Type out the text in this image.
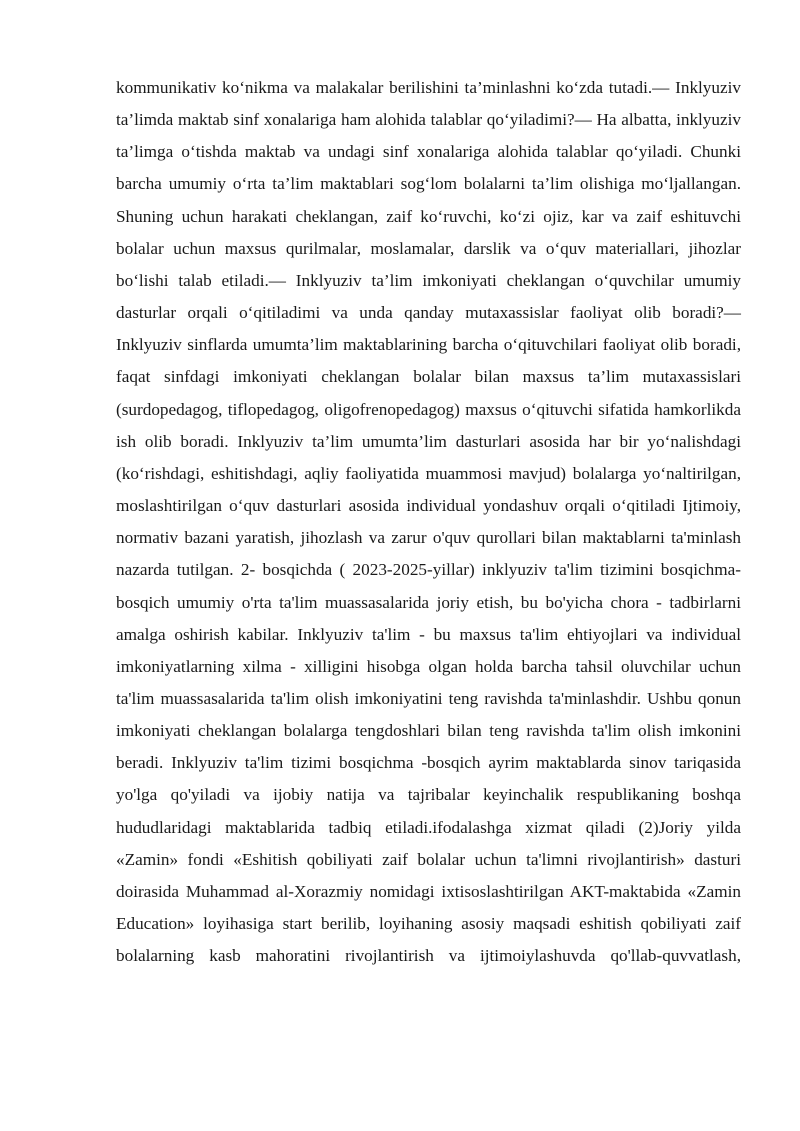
kommunikativ ko‘nikma va malakalar berilishini ta’minlashni ko‘zda tutadi.— Inklyuziv ta’limda maktab sinf xonalariga ham alohida talablar qo‘yiladimi?— Ha albatta, inklyuziv ta’limga o‘tishda maktab va undagi sinf xonalariga alohida talablar qo‘yiladi. Chunki barcha umumiy o‘rta ta’lim maktablari sog‘lom bolalarni ta’lim olishiga mo‘ljallangan. Shuning uchun harakati cheklangan, zaif ko‘ruvchi, ko‘zi ojiz, kar va zaif eshituvchi bolalar uchun maxsus qurilmalar, moslamalar, darslik va o‘quv materiallari, jihozlar bo‘lishi talab etiladi.— Inklyuziv ta’lim imkoniyati cheklangan o‘quvchilar umumiy dasturlar orqali o‘qitiladimi va unda qanday mutaxassislar faoliyat olib boradi?— Inklyuziv sinflarda umumta’lim maktablarining barcha o‘qituvchilari faoliyat olib boradi, faqat sinfdagi imkoniyati cheklangan bolalar bilan maxsus ta’lim mutaxassislari (surdopedagog, tiflopedagog, oligofrenopedagog) maxsus o‘qituvchi sifatida hamkorlikda ish olib boradi. Inklyuziv ta’lim umumta’lim dasturlari asosida har bir yo‘nalishdagi (ko‘rishdagi, eshitishdagi, aqliy faoliyatida muammosi mavjud) bolalarga yo‘naltirilgan, moslashtirilgan o‘quv dasturlari asosida individual yondashuv orqali o‘qitiladi Ijtimoiy, normativ bazani yaratish, jihozlash va zarur o'quv qurollari bilan maktablarni ta'minlash nazarda tutilgan. 2- bosqichda ( 2023-2025-yillar) inklyuziv ta'lim tizimini bosqichma-bosqich umumiy o'rta ta'lim muassasalarida joriy etish, bu bo'yicha chora - tadbirlarni amalga oshirish kabilar. Inklyuziv ta'lim - bu maxsus ta'lim ehtiyojlari va individual imkoniyatlarning xilma - xilligini hisobga olgan holda barcha tahsil oluvchilar uchun ta'lim muassasalarida ta'lim olish imkoniyatini teng ravishda ta'minlashdir. Ushbu qonun imkoniyati cheklangan bolalarga tengdoshlari bilan teng ravishda ta'lim olish imkonini beradi. Inklyuziv ta'lim tizimi bosqichma -bosqich ayrim maktablarda sinov tariqasida yo'lga qo'yiladi va ijobiy natija va tajribalar keyinchalik respublikaning boshqa hududlaridagi maktablarida tadbiq etiladi.ifodalashga xizmat qiladi (2)Joriy yilda «Zamin» fondi «Eshitish qobiliyati zaif bolalar uchun ta'limni rivojlantirish» dasturi doirasida Muhammad al-Xorazmiy nomidagi ixtisoslashtirilgan AKT-maktabida «Zamin Education» loyihasiga start berilib, loyihaning asosiy maqsadi eshitish qobiliyati zaif bolalarning kasb mahoratini rivojlantirish va ijtimoiylashuvda qo'llab-quvvatlash,
